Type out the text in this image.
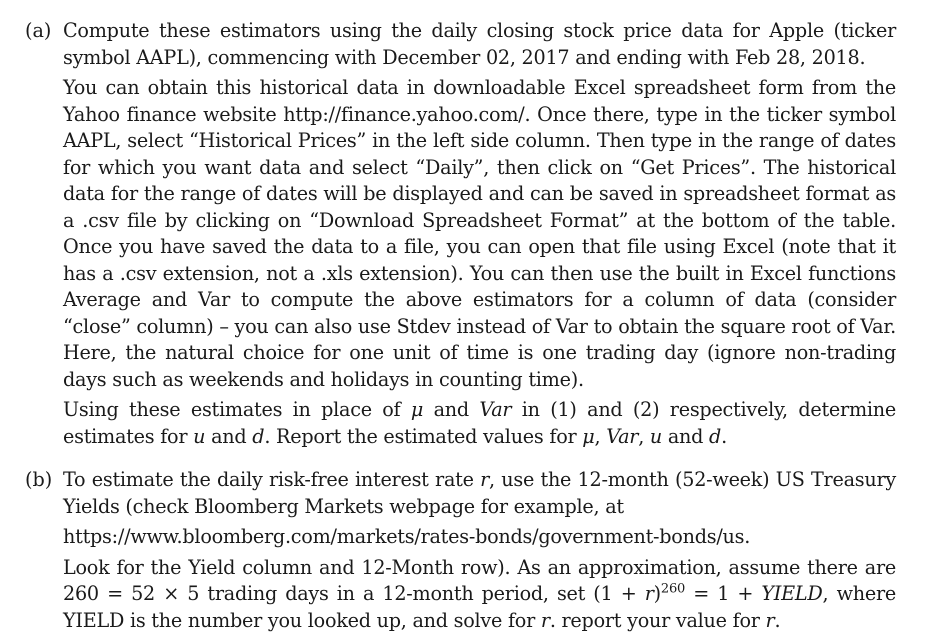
(a) Compute these estimators using the daily closing stock price data for Apple (ticker symbol AAPL), commencing with December 02, 2017 and ending with Feb 28, 2018.

You can obtain this historical data in downloadable Excel spreadsheet form from the Yahoo finance website http://finance.yahoo.com/. Once there, type in the ticker symbol AAPL, select “Historical Prices” in the left side column. Then type in the range of dates for which you want data and select “Daily”, then click on “Get Prices”. The historical data for the range of dates will be displayed and can be saved in spreadsheet format as a .csv file by clicking on “Download Spreadsheet Format” at the bottom of the table. Once you have saved the data to a file, you can open that file using Excel (note that it has a .csv extension, not a .xls extension). You can then use the built in Excel functions Average and Var to compute the above estimators for a column of data (consider “close” column) – you can also use Stdev instead of Var to obtain the square root of Var. Here, the natural choice for one unit of time is one trading day (ignore non-trading days such as weekends and holidays in counting time).

Using these estimates in place of μ and Var in (1) and (2) respectively, determine estimates for u and d. Report the estimated values for μ, Var, u and d.

(b) To estimate the daily risk-free interest rate r, use the 12-month (52-week) US Treasury Yields (check Bloomberg Markets webpage for example, at

https://www.bloomberg.com/markets/rates-bonds/government-bonds/us.

Look for the Yield column and 12-Month row). As an approximation, assume there are 260 = 52 × 5 trading days in a 12-month period, set $(1 + r)^{260} = 1$ + YIELD, where YIELD is the number you looked up, and solve for r. report your value for r.
